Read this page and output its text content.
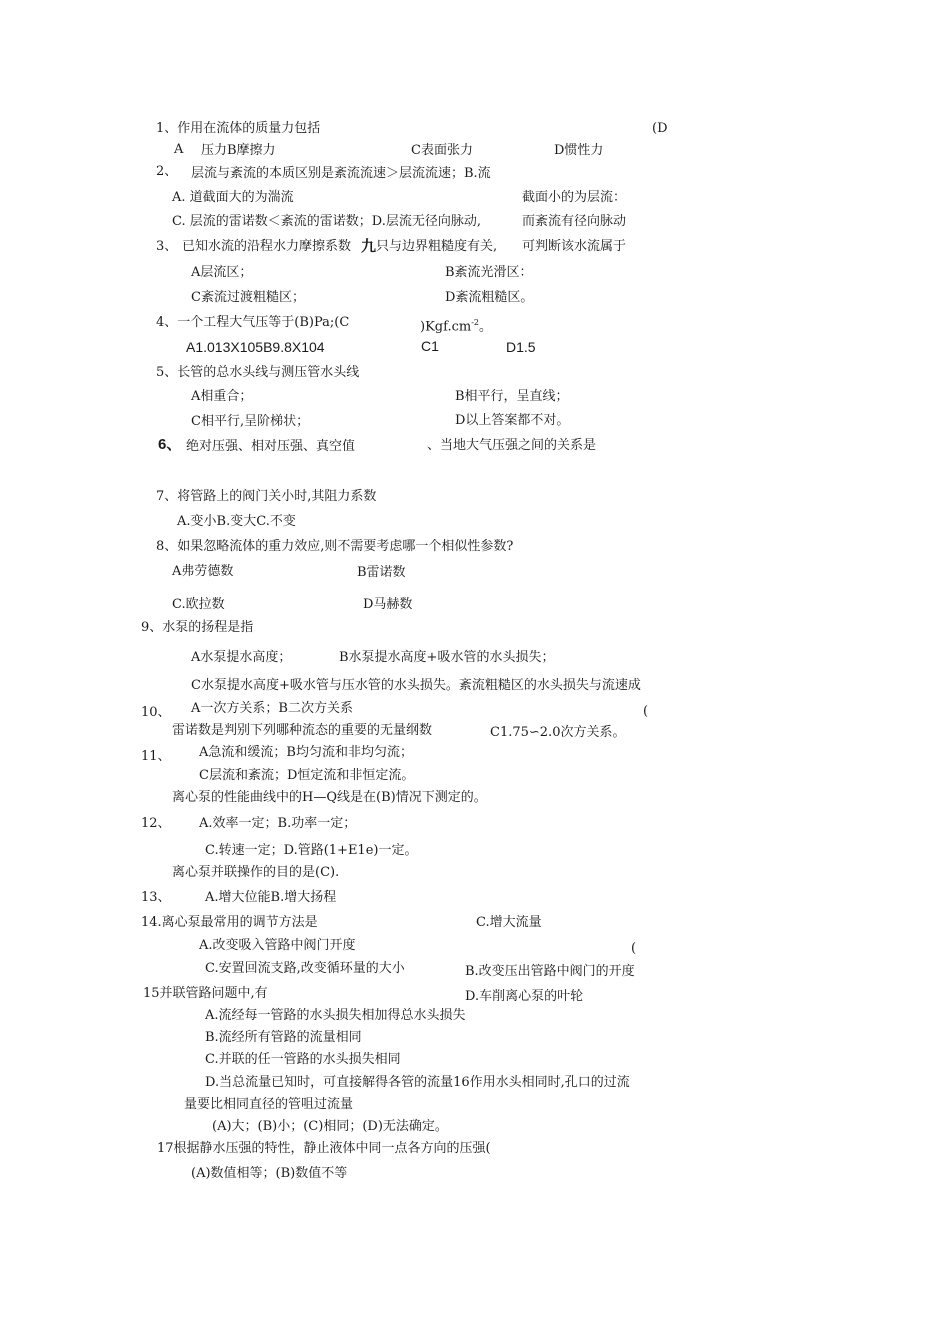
1、作用在流体的质量力包括	(D
A 压力B摩擦力	C表面张力	D惯性力
2、 层流与紊流的本质区别是紊流流速＞层流流速；B.流
A. 道截面大的为湍流	截面小的为层流：
C. 层流的雷诺数＜紊流的雷诺数；D.层流无径向脉动,	而紊流有径向脉动
3、 已知水流的沿程水力摩擦系数 九 只与边界粗糙度有关, 可判断该水流属于
A层流区；	B紊流光滑区：
C紊流过渡粗糙区；	D紊流粗糙区。
4、一个工程大气压等于(B)Pa;(C	)$Kgf.cm^{-2}$。
A1.013X105B9.8X104	C1	D1.5
5、长管的总水头线与测压管水头线
A相重合；	B相平行，呈直线；
C相平行,呈阶梯状；	D以上答案都不对。
6、 绝对压强、相对压强、真空值	、当地大气压强之间的关系是
7、将管路上的阀门关小时,其阻力系数
A.变小B.变大C.不变
8、如果忽略流体的重力效应,则不需要考虑哪一个相似性参数?
A弗劳德数	B雷诺数
C.欧拉数	D马赫数
9、水泵的扬程是指
A水泵提水高度；	B水泵提水高度+吸水管的水头损失；
C水泵提水高度+吸水管与压水管的水头损失。紊流粗糙区的水头损失与流速成
10、 A一次方关系；B二次方关系	(
雷诺数是判别下列哪种流态的重要的无量纲数	C1.75∽2.0次方关系。
11、 A急流和缓流；B均匀流和非均匀流；
C层流和紊流；D恒定流和非恒定流。
离心泵的性能曲线中的H—Q线是在(B)情况下测定的。
12、 A.效率一定；B.功率一定；
C.转速一定；D.管路(1+E1e)一定。
离心泵并联操作的目的是(C).
13、	A.增大位能B.增大扬程
14.离心泵最常用的调节方法是	C.增大流量
A.改变吸入管路中阀门开度	(
C.安置回流支路,改变循环量的大小	B.改变压出管路中阀门的开度
15并联管路问题中,有	D.车削离心泵的叶轮
A.流经每一管路的水头损失相加得总水头损失
B.流经所有管路的流量相同
C.并联的任一管路的水头损失相同
D.当总流量已知时，可直接解得各管的流量16作用水头相同时,孔口的过流
量要比相同直径的管咀过流量
(A)大；(B)小；(C)相同；(D)无法确定。
17根据静水压强的特性，静止液体中同一点各方向的压强(
(A)数值相等；(B)数值不等
